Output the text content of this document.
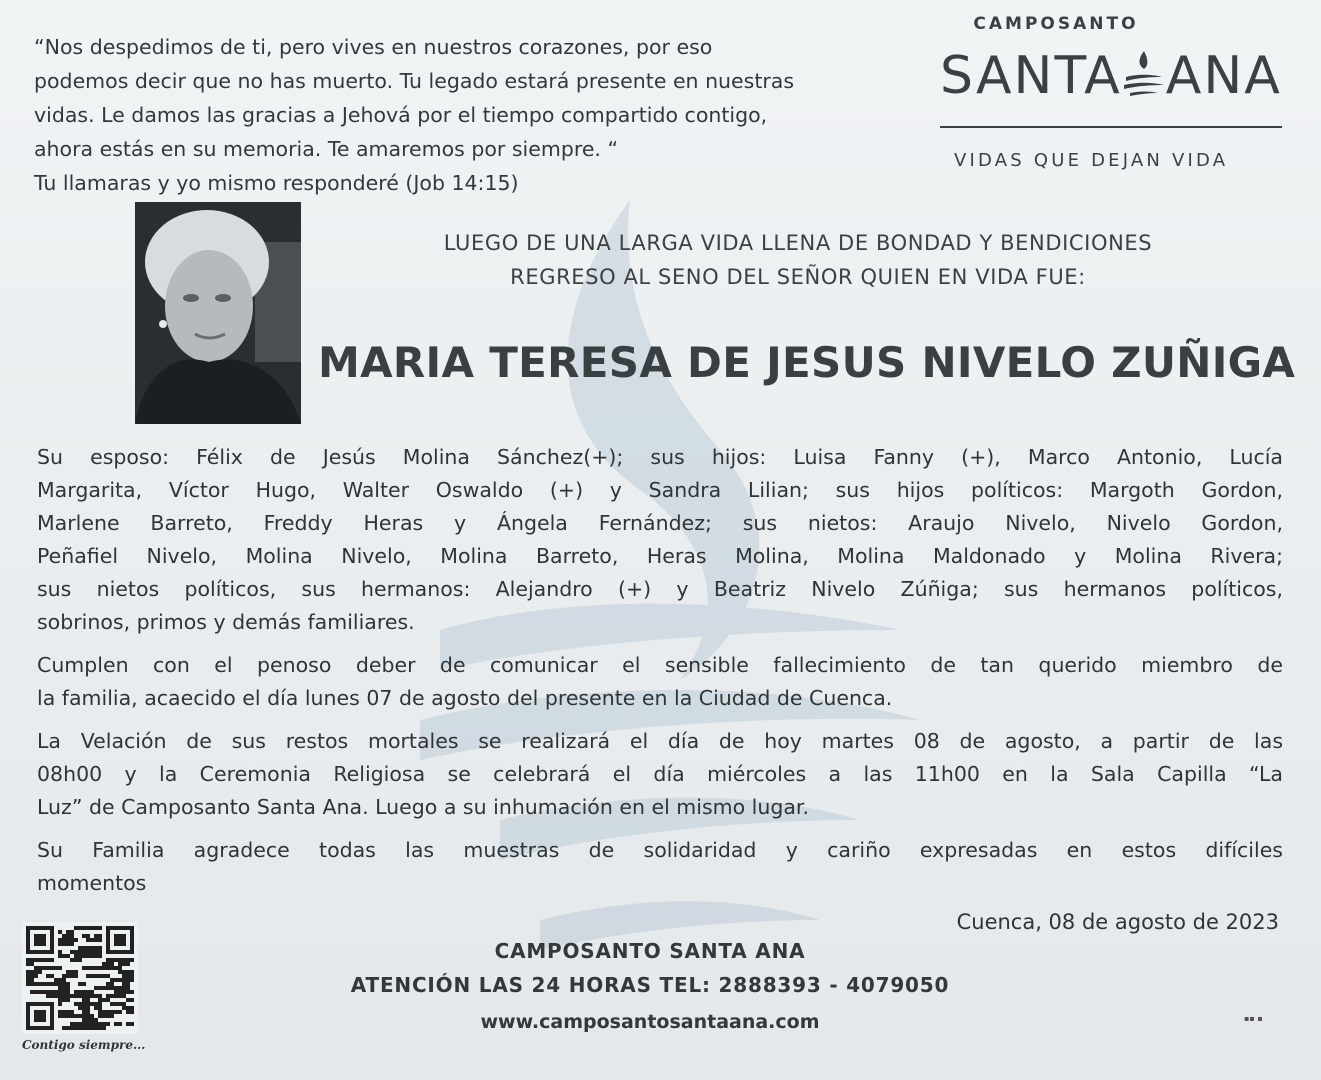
“Nos despedimos de ti, pero vives en nuestros corazones, por eso
podemos decir que no has muerto. Tu legado estará presente en nuestras
vidas. Le damos las gracias a Jehová por el tiempo compartido contigo,
ahora estás en su memoria. Te amaremos por siempre. “
Tu llamaras y yo mismo responderé (Job 14:15)
CAMPOSANTO
SANTA ANA
VIDAS QUE DEJAN VIDA
LUEGO DE UNA LARGA VIDA LLENA DE BONDAD Y BENDICIONES
REGRESO AL SENO DEL SEÑOR QUIEN EN VIDA FUE:
MARIA TERESA DE JESUS NIVELO ZUÑIGA
Su esposo: Félix de Jesús Molina Sánchez(+); sus hijos: Luisa Fanny (+), Marco Antonio, Lucía
Margarita, Víctor Hugo, Walter Oswaldo (+) y Sandra Lilian; sus hijos políticos: Margoth Gordon,
Marlene Barreto, Freddy Heras y Ángela Fernández; sus nietos: Araujo Nivelo, Nivelo Gordon,
Peñafiel Nivelo, Molina Nivelo, Molina Barreto, Heras Molina, Molina Maldonado y Molina Rivera;
sus nietos políticos, sus hermanos: Alejandro (+) y Beatriz Nivelo Zúñiga; sus hermanos políticos,
sobrinos, primos y demás familiares.
Cumplen con el penoso deber de comunicar el sensible fallecimiento de tan querido miembro de
la familia, acaecido el día lunes 07 de agosto del presente en la Ciudad de Cuenca.
La Velación de sus restos mortales se realizará el día de hoy martes 08 de agosto, a partir de las
08h00 y la Ceremonia Religiosa se celebrará el día miércoles a las 11h00 en la Sala Capilla “La
Luz” de Camposanto Santa Ana. Luego a su inhumación en el mismo lugar.
Su Familia agradece todas las muestras de solidaridad y cariño expresadas en estos difíciles
momentos
Cuenca, 08 de agosto de 2023
CAMPOSANTO SANTA ANA
ATENCIÓN LAS 24 HORAS TEL: 2888393 - 4079050
www.camposantosantaana.com
Contigo siempre...
▪▪ ▪
